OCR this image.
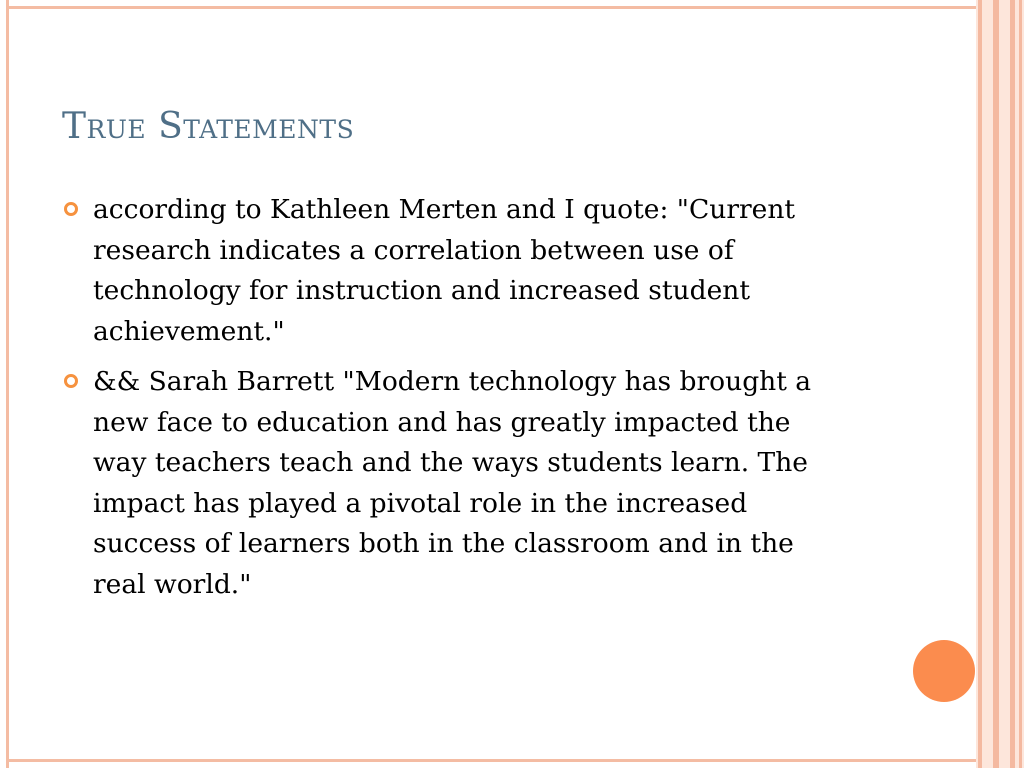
True Statements
according to Kathleen Merten and I quote: "Current research indicates a correlation between use of technology for instruction and increased student achievement."
&& Sarah Barrett "Modern technology has brought a new face to education and has greatly impacted the way teachers teach and the ways students learn. The impact has played a pivotal role in the increased success of learners both in the classroom and in the real world."
